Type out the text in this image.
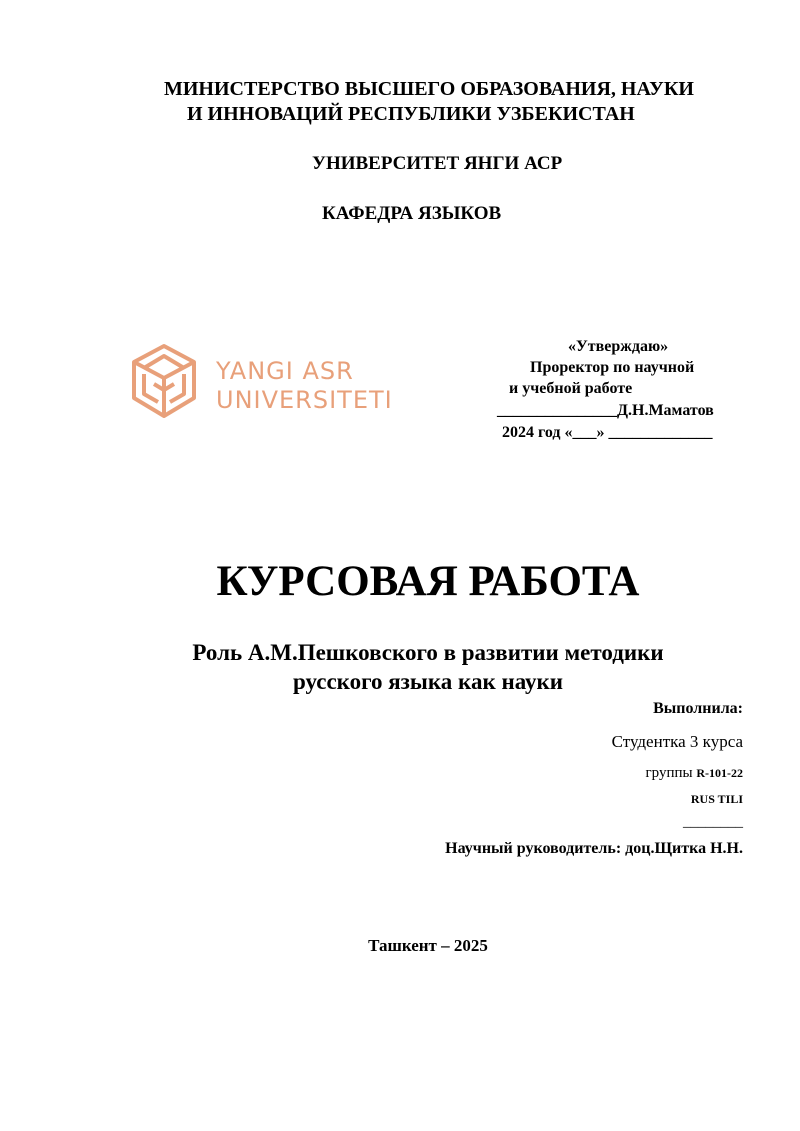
МИНИСТЕРСТВО ВЫСШЕГО ОБРАЗОВАНИЯ, НАУКИ
И ИННОВАЦИЙ РЕСПУБЛИКИ УЗБЕКИСТАН
УНИВЕРСИТЕТ ЯНГИ АСР
КАФЕДРА ЯЗЫКОВ
YANGI ASR
UNIVERSITETI
«Утверждаю»
Проректор по научной
и учебной работе
_______________Д.Н.Маматов
2024 год «___» _____________
КУРСОВАЯ РАБОТА
Роль А.М.Пешковского в развитии методики
русского языка как науки
Выполнила:
Студентка 3 курса
группы R-101-22
RUS TILI
________
Научный руководитель: доц.Щитка Н.Н.
Ташкент – 2025
